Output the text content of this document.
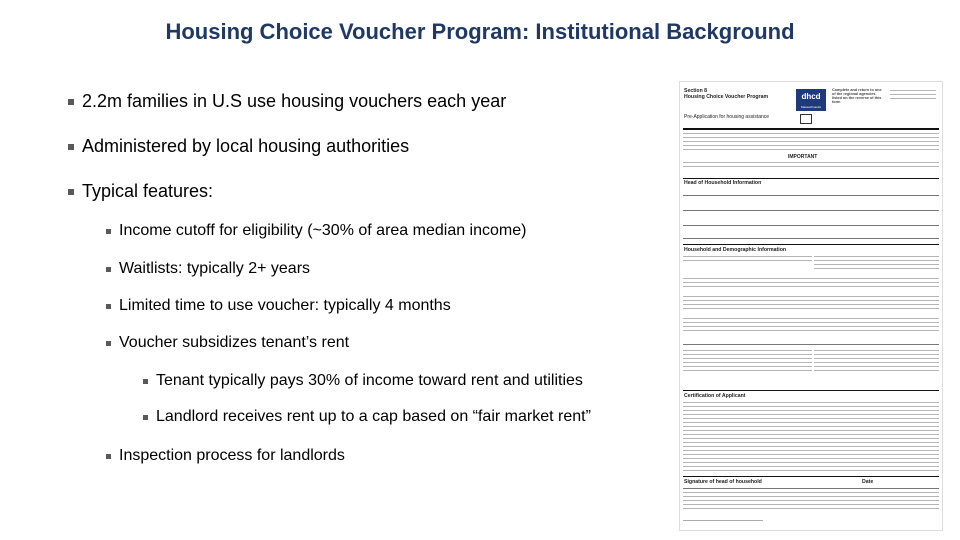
Housing Choice Voucher Program: Institutional Background
2.2m families in U.S use housing vouchers each year
Administered by local housing authorities
Typical features:
Income cutoff for eligibility (~30% of area median income)
Waitlists: typically 2+ years
Limited time to use voucher: typically 4 months
Voucher subsidizes tenant’s rent
Tenant typically pays 30% of income toward rent and utilities
Landlord receives rent up to a cap based on “fair market rent”
Inspection process for landlords
Section 8
Housing Choice Voucher Program
Pre-Application for housing assistance
dhcd
Massachusetts
Complete and return to one of the regional agencies listed on the reverse of this form
IMPORTANT
Head of Household Information
Household and Demographic Information
Certification of Applicant
Signature of head of household	Date
